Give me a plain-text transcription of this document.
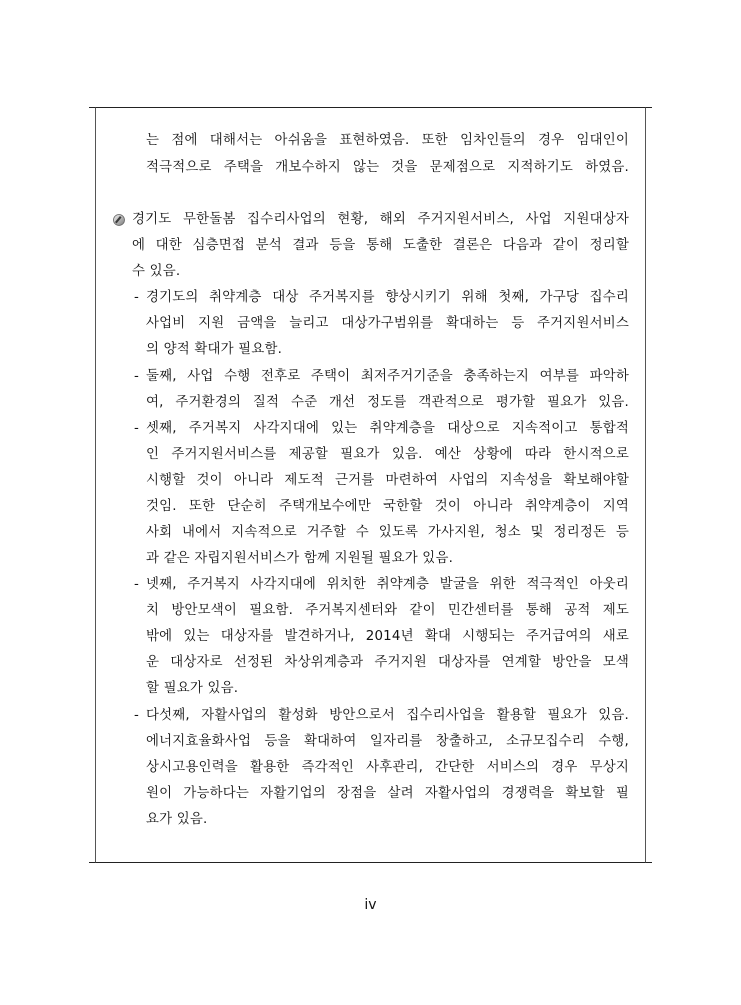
는 점에 대해서는 아쉬움을 표현하였음. 또한 임차인들의 경우 임대인이
적극적으로 주택을 개보수하지 않는 것을 문제점으로 지적하기도 하였음.
경기도 무한돌봄 집수리사업의 현황, 해외 주거지원서비스, 사업 지원대상자
에 대한 심층면접 분석 결과 등을 통해 도출한 결론은 다음과 같이 정리할
수 있음.
- 경기도의 취약계층 대상 주거복지를 향상시키기 위해 첫째, 가구당 집수리
사업비 지원 금액을 늘리고 대상가구범위를 확대하는 등 주거지원서비스
의 양적 확대가 필요함.
- 둘째, 사업 수행 전후로 주택이 최저주거기준을 충족하는지 여부를 파악하
여, 주거환경의 질적 수준 개선 정도를 객관적으로 평가할 필요가 있음.
- 셋째, 주거복지 사각지대에 있는 취약계층을 대상으로 지속적이고 통합적
인 주거지원서비스를 제공할 필요가 있음. 예산 상황에 따라 한시적으로
시행할 것이 아니라 제도적 근거를 마련하여 사업의 지속성을 확보해야할
것임. 또한 단순히 주택개보수에만 국한할 것이 아니라 취약계층이 지역
사회 내에서 지속적으로 거주할 수 있도록 가사지원, 청소 및 정리정돈 등
과 같은 자립지원서비스가 함께 지원될 필요가 있음.
- 넷째, 주거복지 사각지대에 위치한 취약계층 발굴을 위한 적극적인 아웃리
치 방안모색이 필요함. 주거복지센터와 같이 민간센터를 통해 공적 제도
밖에 있는 대상자를 발견하거나, 2014년 확대 시행되는 주거급여의 새로
운 대상자로 선정된 차상위계층과 주거지원 대상자를 연계할 방안을 모색
할 필요가 있음.
- 다섯째, 자활사업의 활성화 방안으로서 집수리사업을 활용할 필요가 있음.
에너지효율화사업 등을 확대하여 일자리를 창출하고, 소규모집수리 수행,
상시고용인력을 활용한 즉각적인 사후관리, 간단한 서비스의 경우 무상지
원이 가능하다는 자활기업의 장점을 살려 자활사업의 경쟁력을 확보할 필
요가 있음.
iv
